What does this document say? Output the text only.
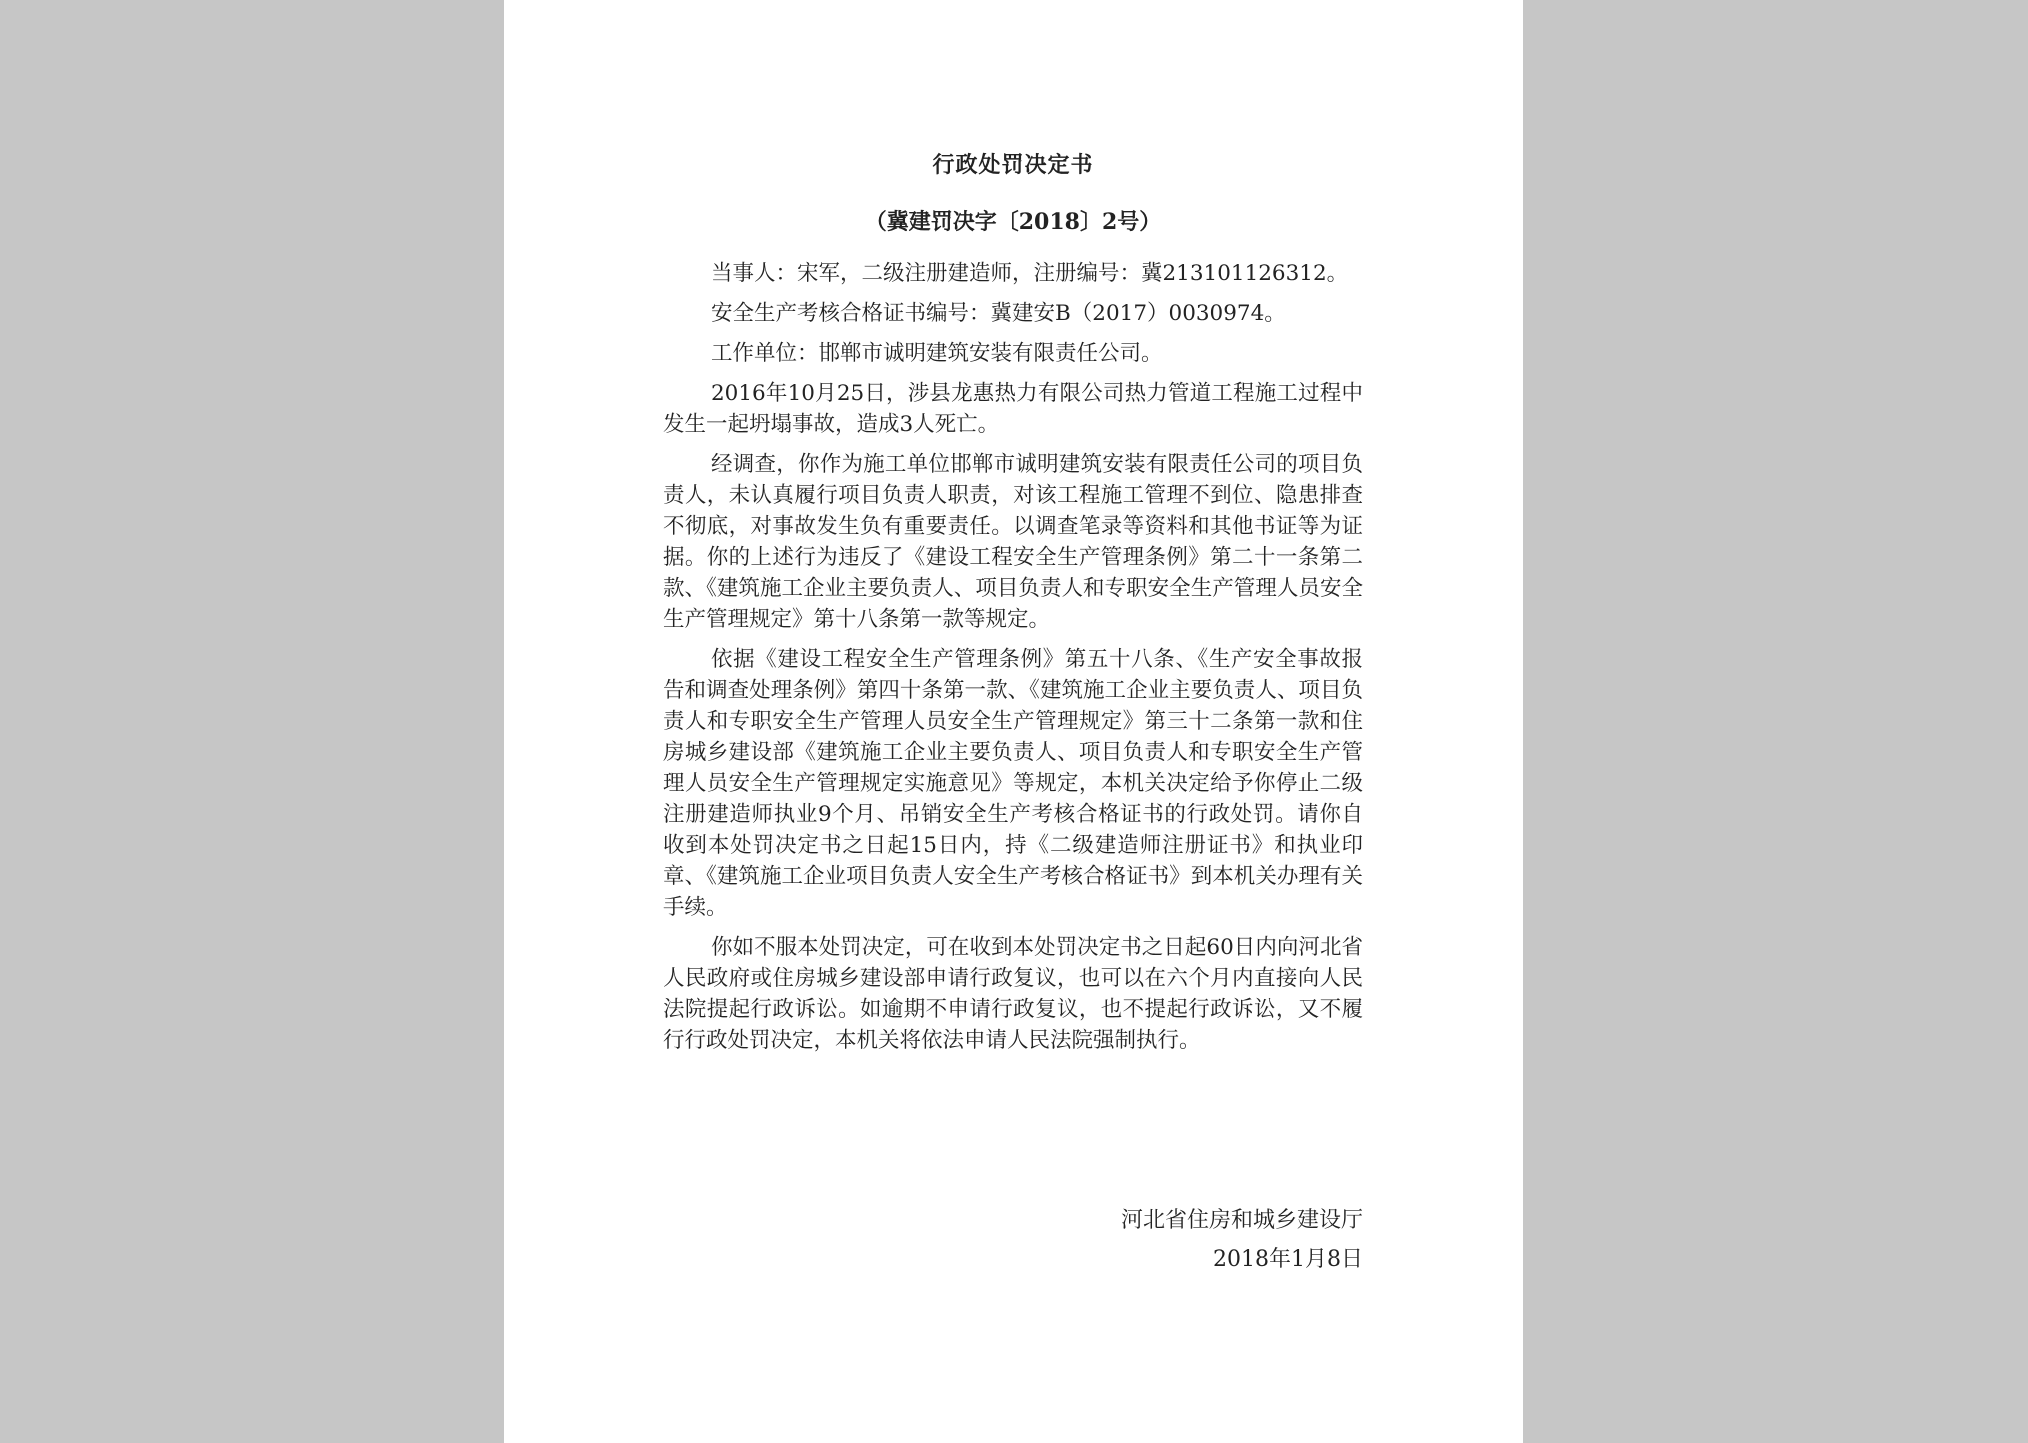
行政处罚决定书
（冀建罚决字〔2018〕2号）

当事人：宋军，二级注册建造师，注册编号：冀213101126312。

安全生产考核合格证书编号：冀建安B（2017）0030974。

工作单位：邯郸市诚明建筑安装有限责任公司。

2016年10月25日，涉县龙惠热力有限公司热力管道工程施工过程中发生一起坍塌事故，造成3人死亡。

经调查，你作为施工单位邯郸市诚明建筑安装有限责任公司的项目负责人，未认真履行项目负责人职责，对该工程施工管理不到位、隐患排查不彻底，对事故发生负有重要责任。以调查笔录等资料和其他书证等为证据。你的上述行为违反了《建设工程安全生产管理条例》第二十一条第二款、《建筑施工企业主要负责人、项目负责人和专职安全生产管理人员安全生产管理规定》第十八条第一款等规定。

依据《建设工程安全生产管理条例》第五十八条、《生产安全事故报告和调查处理条例》第四十条第一款、《建筑施工企业主要负责人、项目负责人和专职安全生产管理人员安全生产管理规定》第三十二条第一款和住房城乡建设部《建筑施工企业主要负责人、项目负责人和专职安全生产管理人员安全生产管理规定实施意见》等规定，本机关决定给予你停止二级注册建造师执业9个月、吊销安全生产考核合格证书的行政处罚。请你自收到本处罚决定书之日起15日内，持《二级建造师注册证书》和执业印章、《建筑施工企业项目负责人安全生产考核合格证书》到本机关办理有关手续。

你如不服本处罚决定，可在收到本处罚决定书之日起60日内向河北省人民政府或住房城乡建设部申请行政复议，也可以在六个月内直接向人民法院提起行政诉讼。如逾期不申请行政复议，也不提起行政诉讼，又不履行行政处罚决定，本机关将依法申请人民法院强制执行。

河北省住房和城乡建设厅
2018年1月8日
